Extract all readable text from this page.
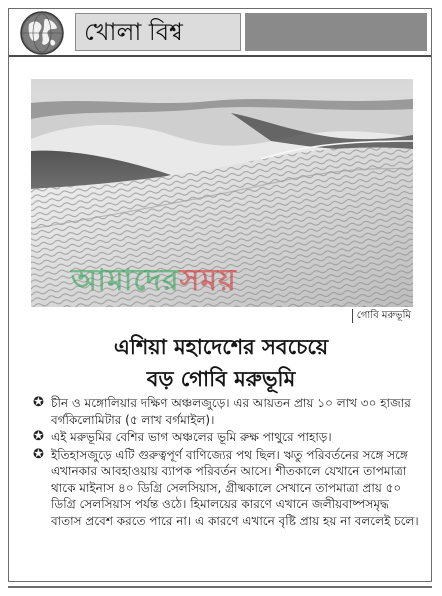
খোলা বিশ্ব
আমাদেরসময়
গোবি মরুভূমি
এশিয়া মহাদেশের সবচেয়ে
বড় গোবি মরুভূমি
✪ চীন ও মঙ্গোলিয়ার দক্ষিণ অঞ্চলজুড়ে। এর আয়তন প্রায় ১০ লাখ ৩০ হাজার বর্গকিলোমিটার (৫ লাখ বর্গমাইল)।
✪ এই মরুভূমির বেশির ভাগ অঞ্চলের ভূমি রুক্ষ পাথুরে পাহাড়।
✪ ইতিহাসজুড়ে এটি গুরুত্বপূর্ণ বাণিজ্যের পথ ছিল। ঋতু পরিবর্তনের সঙ্গে সঙ্গে এখানকার আবহাওয়ায় ব্যাপক পরিবর্তন আসে। শীতকালে যেখানে তাপমাত্রা থাকে মাইনাস ৪০ ডিগ্রি সেলসিয়াস, গ্রীষ্মকালে সেখানে তাপমাত্রা প্রায় ৫০ ডিগ্রি সেলসিয়াস পর্যন্ত ওঠে। হিমালয়ের কারণে এখানে জলীয়বাষ্পসমৃদ্ধ বাতাস প্রবেশ করতে পারে না। এ কারণে এখানে বৃষ্টি প্রায় হয় না বললেই চলে।
